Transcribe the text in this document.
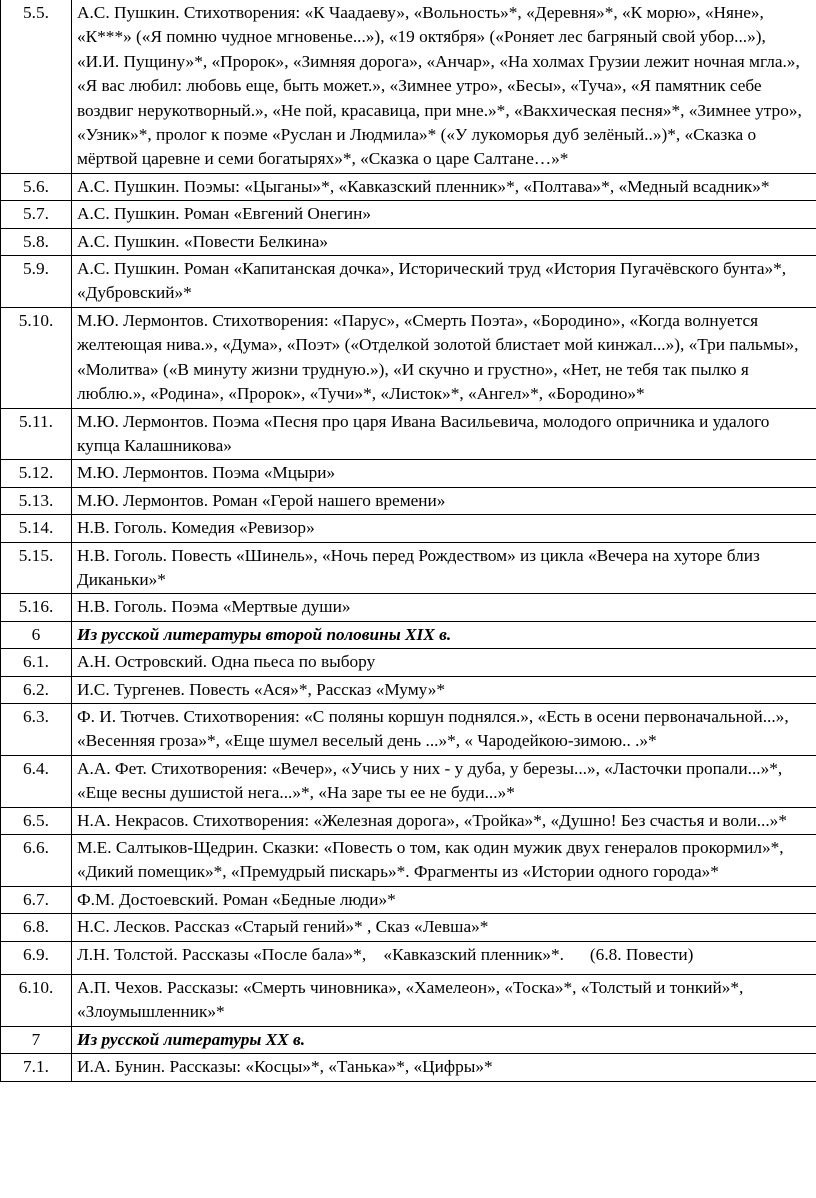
5.5.	А.С. Пушкин. Стихотворения: «К Чаадаеву», «Вольность»*, «Деревня»*, «К морю», «Няне», «К***» («Я помню чудное мгновенье...»), «19 октября» («Роняет лес багряный свой убор...»), «И.И. Пущину»*, «Пророк», «Зимняя дорога», «Анчар», «На холмах Грузии лежит ночная мгла.», «Я вас любил: любовь еще, быть может.», «Зимнее утро», «Бесы», «Туча», «Я памятник себе воздвиг нерукотворный.», «Не пой, красавица, при мне.»*, «Вакхическая песня»*, «Зимнее утро», «Узник»*, пролог к поэме «Руслан и Людмила»* («У лукоморья дуб зелёный..»)*, «Сказка о мёртвой царевне и семи богатырях»*, «Сказка о царе Салтане…»*
5.6.	А.С. Пушкин. Поэмы: «Цыганы»*, «Кавказский пленник»*, «Полтава»*, «Медный всадник»*
5.7.	А.С. Пушкин. Роман «Евгений Онегин»
5.8.	А.С. Пушкин. «Повести Белкина»
5.9.	А.С. Пушкин. Роман «Капитанская дочка», Исторический труд «История Пугачёвского бунта»*, «Дубровский»*
5.10.	М.Ю. Лермонтов. Стихотворения: «Парус», «Смерть Поэта», «Бородино», «Когда волнуется желтеющая нива.», «Дума», «Поэт» («Отделкой золотой блистает мой кинжал...»), «Три пальмы», «Молитва» («В минуту жизни трудную.»), «И скучно и грустно», «Нет, не тебя так пылко я люблю.», «Родина», «Пророк», «Тучи»*, «Листок»*, «Ангел»*, «Бородино»*
5.11.	М.Ю. Лермонтов. Поэма «Песня про царя Ивана Васильевича, молодого опричника и удалого купца Калашникова»
5.12.	М.Ю. Лермонтов. Поэма «Мцыри»
5.13.	М.Ю. Лермонтов. Роман «Герой нашего времени»
5.14.	Н.В. Гоголь. Комедия «Ревизор»
5.15.	Н.В. Гоголь. Повесть «Шинель», «Ночь перед Рождеством» из цикла «Вечера на хуторе близ Диканьки»*
5.16.	Н.В. Гоголь. Поэма «Мертвые души»
6	Из русской литературы второй половины XIX в.
6.1.	А.Н. Островский. Одна пьеса по выбору
6.2.	И.С. Тургенев. Повесть «Ася»*, Рассказ «Муму»*
6.3.	Ф. И. Тютчев. Стихотворения: «С поляны коршун поднялся.», «Есть в осени первоначальной...», «Весенняя гроза»*, «Еще шумел веселый день ...»*, « Чародейкою-зимою.. .»*
6.4.	А.А. Фет. Стихотворения: «Вечер», «Учись у них - у дуба, у березы...», «Ласточки пропали...»*, «Еще весны душистой нега...»*, «На заре ты ее не буди...»*
6.5.	Н.А. Некрасов. Стихотворения: «Железная дорога», «Тройка»*, «Душно! Без счастья и воли...»*
6.6.	М.Е. Салтыков-Щедрин. Сказки: «Повесть о том, как один мужик двух генералов прокормил»*, «Дикий помещик»*, «Премудрый пискарь»*. Фрагменты из «Истории одного города»*
6.7.	Ф.М. Достоевский. Роман «Бедные люди»*
6.8.	Н.С. Лесков. Рассказ «Старый гений»* , Сказ «Левша»*
6.9.	Л.Н. Толстой. Рассказы «После бала»*,    «Кавказский пленник»*.      (6.8. Повести)
6.10.	А.П. Чехов. Рассказы: «Смерть чиновника», «Хамелеон», «Тоска»*, «Толстый и тонкий»*, «Злоумышленник»*
7	Из русской литературы XX в.
7.1.	И.А. Бунин. Рассказы: «Косцы»*, «Танька»*, «Цифры»*
